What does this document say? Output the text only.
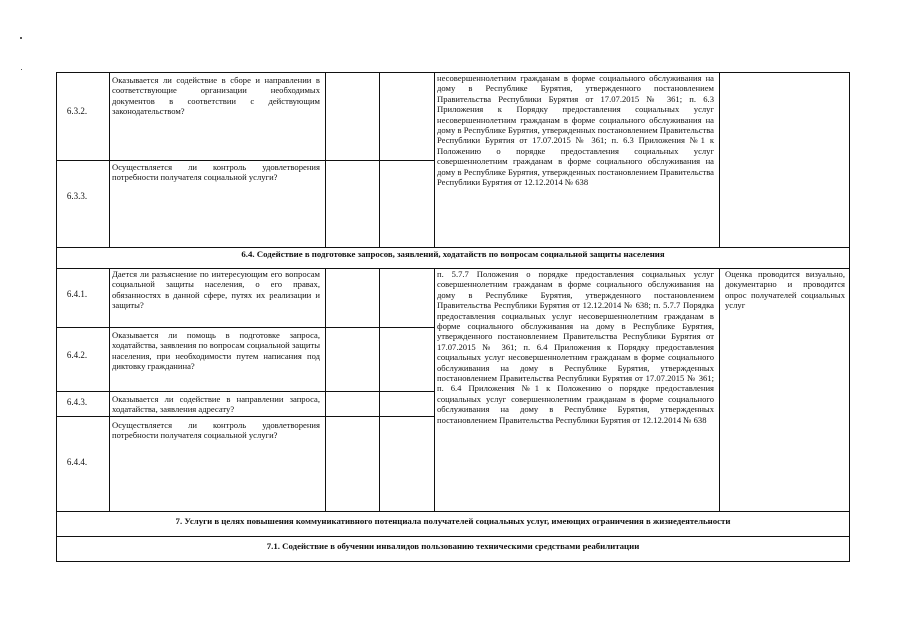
6.3.2.
Оказывается ли содействие в сборе и направлении в соответствующие организации необходимых документов в соответствии с действующим законодательством?
6.3.3.
Осуществляется ли контроль удовлетворения потребности получателя социальной услуги?
несовершеннолетним гражданам в форме социального обслуживания на дому в Республике Бурятия, утвержденного постановлением Правительства Республики Бурятия от 17.07.2015 № 361; п. 6.3 Приложения к Порядку предоставления социальных услуг несовершеннолетним гражданам в форме социального обслуживания на дому в Республике Бурятия, утвержденных постановлением Правительства Республики Бурятия от 17.07.2015 № 361; п. 6.3 Приложения №1 к Положению о порядке предоставления социальных услуг совершеннолетним гражданам в форме социального обслуживания на дому в Республике Бурятия, утвержденных постановлением Правительства Республики Бурятия от 12.12.2014 № 638
6.4. Содействие в подготовке запросов, заявлений, ходатайств по вопросам социальной защиты населения
6.4.1.
Дается ли разъяснение по интересующим его вопросам социальной защиты населения, о его правах, обязанностях в данной сфере, путях их реализации и защиты?
6.4.2.
Оказывается ли помощь в подготовке запроса, ходатайства, заявления по вопросам социальной защиты населения, при необходимости путем написания под диктовку гражданина?
6.4.3.	Оказывается ли содействие в направлении запроса, ходатайства, заявления адресату?
6.4.4.
Осуществляется ли контроль удовлетворения потребности получателя социальной услуги?
п. 5.7.7 Положения о порядке предоставления социальных услуг совершеннолетним гражданам в форме социального обслуживания на дому в Республике Бурятия, утвержденного постановлением Правительства Республики Бурятия от 12.12.2014 № 638; п. 5.7.7 Порядка предоставления социальных услуг несовершеннолетним гражданам в форме социального обслуживания на дому в Республике Бурятия, утвержденного постановлением Правительства Республики Бурятия от 17.07.2015 № 361; п. 6.4 Приложения к Порядку предоставления социальных услуг несовершеннолетним гражданам в форме социального обслуживания на дому в Республике Бурятия, утвержденных постановлением Правительства Республики Бурятия от 17.07.2015 № 361; п. 6.4 Приложения №1 к Положению о порядке предоставления социальных услуг совершеннолетним гражданам в форме социального обслуживания на дому в Республике Бурятия, утвержденных постановлением Правительства Республики Бурятия от 12.12.2014 № 638
Оценка проводится визуально, документарно и проводится опрос получателей социальных услуг
7. Услуги в целях повышения коммуникативного потенциала получателей социальных услуг, имеющих ограничения в жизнедеятельности
7.1. Содействие в обучении инвалидов пользованию техническими средствами реабилитации
